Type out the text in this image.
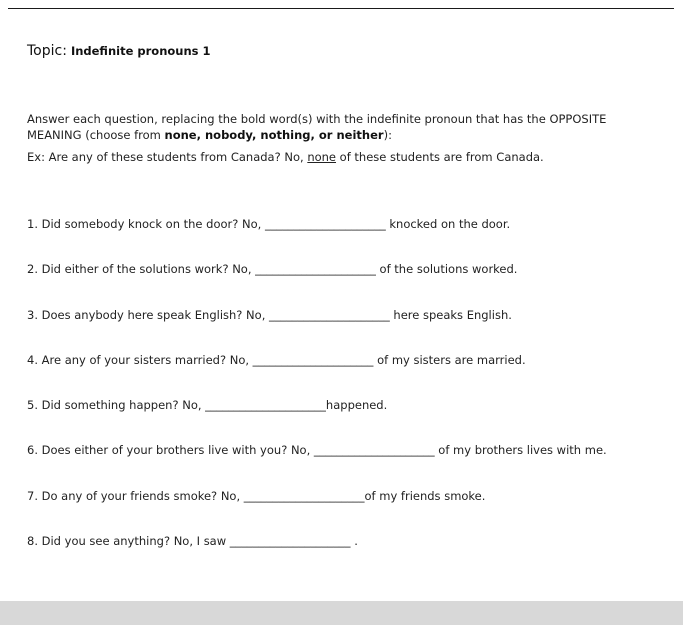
Topic: Indefinite pronouns 1
Answer each question, replacing the bold word(s) with the indefinite pronoun that has the OPPOSITE MEANING (choose from none, nobody, nothing, or neither):
Ex: Are any of these students from Canada? No, none of these students are from Canada.
1. Did somebody knock on the door? No, _____________________ knocked on the door.
2. Did either of the solutions work? No, _____________________ of the solutions worked.
3. Does anybody here speak English? No, _____________________ here speaks English.
4. Are any of your sisters married? No, _____________________ of my sisters are married.
5. Did something happen? No, _____________________happened.
6. Does either of your brothers live with you? No, _____________________ of my brothers lives with me.
7. Do any of your friends smoke? No, _____________________of my friends smoke.
8. Did you see anything? No, I saw _____________________ .
